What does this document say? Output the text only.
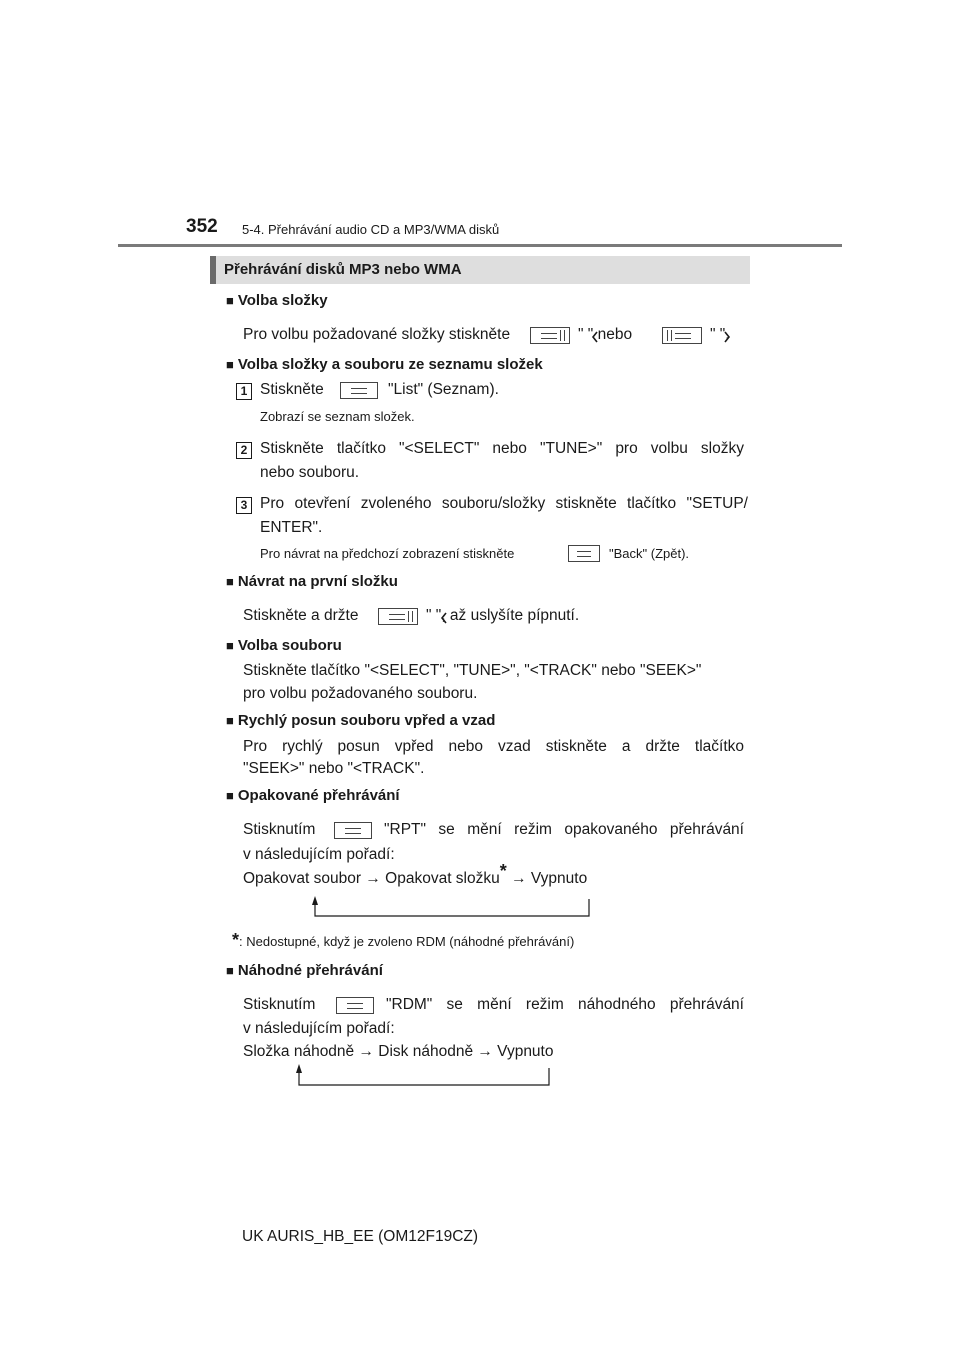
352 5-4. Přehrávání audio CD a MP3/WMA disků
Přehrávání disků MP3 nebo WMA
■ Volba složky
Pro volbu požadované složky stiskněte	" " nebo	" ".
■ Volba složky a souboru ze seznamu složek
1 Stiskněte	"List" (Seznam).
Zobrazí se seznam složek.
2 Stiskněte tlačítko "<SELECT" nebo "TUNE>" pro volbu složky
nebo souboru.
3 Pro otevření zvoleného souboru/složky stiskněte tlačítko "SETUP/
ENTER".
Pro návrat na předchozí zobrazení stiskněte	"Back" (Zpět).
■ Návrat na první složku
Stiskněte a držte	" ", až uslyšíte pípnutí.
■ Volba souboru
Stiskněte tlačítko "<SELECT", "TUNE>", "<TRACK" nebo "SEEK>"
pro volbu požadovaného souboru.
■ Rychlý posun souboru vpřed a vzad
Pro rychlý posun vpřed nebo vzad stiskněte a držte tlačítko
"SEEK>" nebo "<TRACK".
■ Opakované přehrávání
Stisknutím	"RPT" se mění režim opakovaného přehrávání
v následujícím pořadí:
Opakovat soubor → Opakovat složku* → Vypnuto
*: Nedostupné, když je zvoleno RDM (náhodné přehrávání)
■ Náhodné přehrávání
Stisknutím	"RDM" se mění režim náhodného přehrávání
v následujícím pořadí:
Složka náhodně → Disk náhodně → Vypnuto
UK AURIS_HB_EE (OM12F19CZ)
